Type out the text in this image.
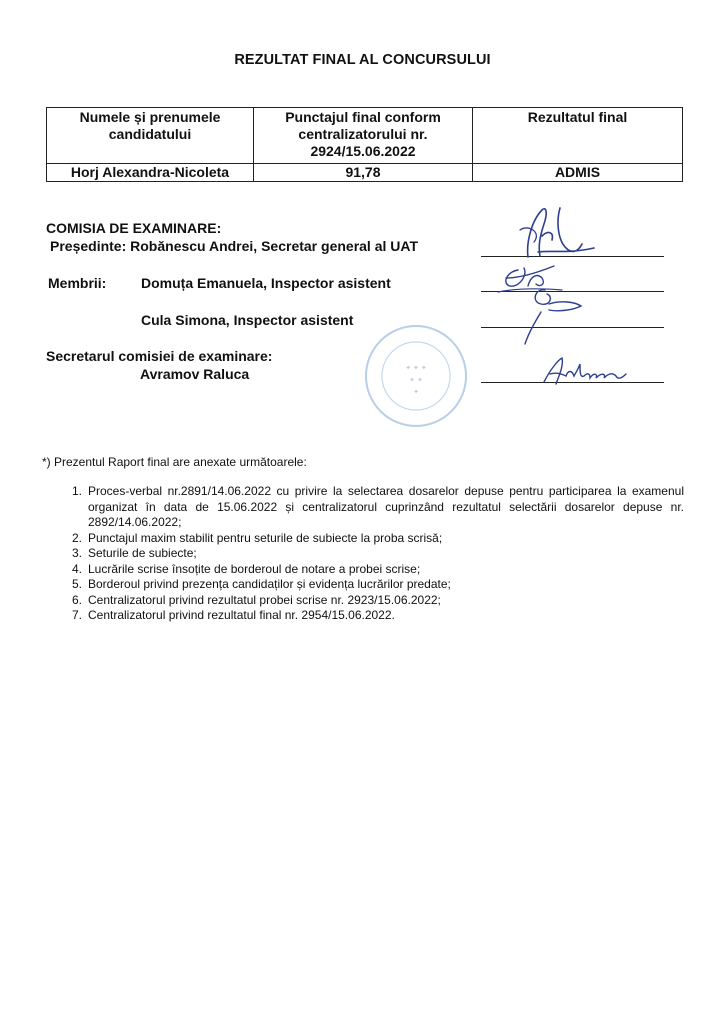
REZULTAT FINAL AL CONCURSULUI
Numele și prenumele candidatului	Punctajul final conform centralizatorului nr. 2924/15.06.2022	Rezultatul final
Horj Alexandra-Nicoleta	91,78	ADMIS
COMISIA DE EXAMINARE:
Președinte: Robănescu Andrei, Secretar general al UAT
Membrii: Domuța Emanuela, Inspector asistent
Cula Simona, Inspector asistent
Secretarul comisiei de examinare:
Avramov Raluca	✦ ✦ ✦
✦ ✦
✦
*) Prezentul Raport final are anexate următoarele:
1. Proces-verbal nr.2891/14.06.2022 cu privire la selectarea dosarelor depuse pentru participarea la examenul organizat în data de 15.06.2022 și centralizatorul cuprinzând rezultatul selectării dosarelor depuse nr. 2892/14.06.2022;
2. Punctajul maxim stabilit pentru seturile de subiecte la proba scrisă;
3. Seturile de subiecte;
4. Lucrările scrise însoțite de borderoul de notare a probei scrise;
5. Borderoul privind prezența candidaților și evidența lucrărilor predate;
6. Centralizatorul privind rezultatul probei scrise nr. 2923/15.06.2022;
7. Centralizatorul privind rezultatul final nr. 2954/15.06.2022.
